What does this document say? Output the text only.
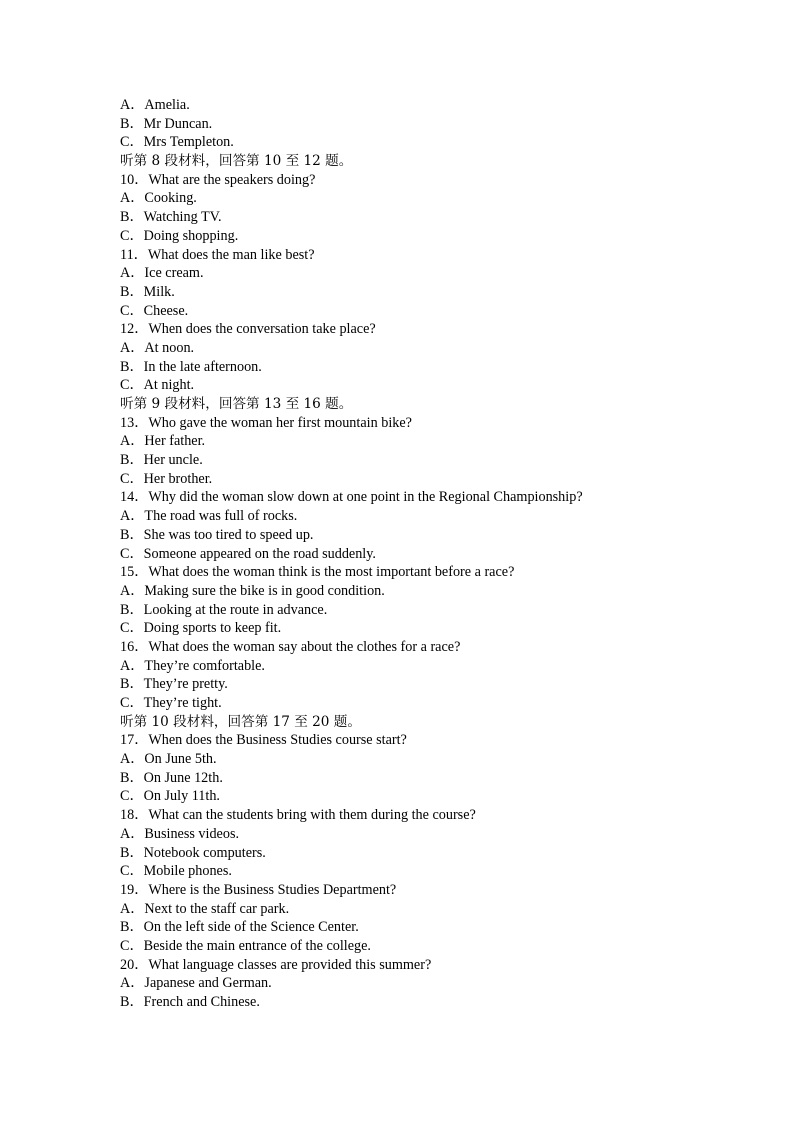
A．Amelia.
B．Mr Duncan.
C．Mrs Templeton.
听第 8 段材料，回答第 10 至 12 题。
10．What are the speakers doing?
A．Cooking.
B．Watching TV.
C．Doing shopping.
11．What does the man like best?
A．Ice cream.
B．Milk.
C．Cheese.
12．When does the conversation take place?
A．At noon.
B．In the late afternoon.
C．At night.
听第 9 段材料，回答第 13 至 16 题。
13．Who gave the woman her first mountain bike?
A．Her father.
B．Her uncle.
C．Her brother.
14．Why did the woman slow down at one point in the Regional Championship?
A．The road was full of rocks.
B．She was too tired to speed up.
C．Someone appeared on the road suddenly.
15．What does the woman think is the most important before a race?
A．Making sure the bike is in good condition.
B．Looking at the route in advance.
C．Doing sports to keep fit.
16．What does the woman say about the clothes for a race?
A．They’re comfortable.
B．They’re pretty.
C．They’re tight.
听第 10 段材料，回答第 17 至 20 题。
17．When does the Business Studies course start?
A．On June 5th.
B．On June 12th.
C．On July 11th.
18．What can the students bring with them during the course?
A．Business videos.
B．Notebook computers.
C．Mobile phones.
19．Where is the Business Studies Department?
A．Next to the staff car park.
B．On the left side of the Science Center.
C．Beside the main entrance of the college.
20．What language classes are provided this summer?
A．Japanese and German.
B．French and Chinese.
